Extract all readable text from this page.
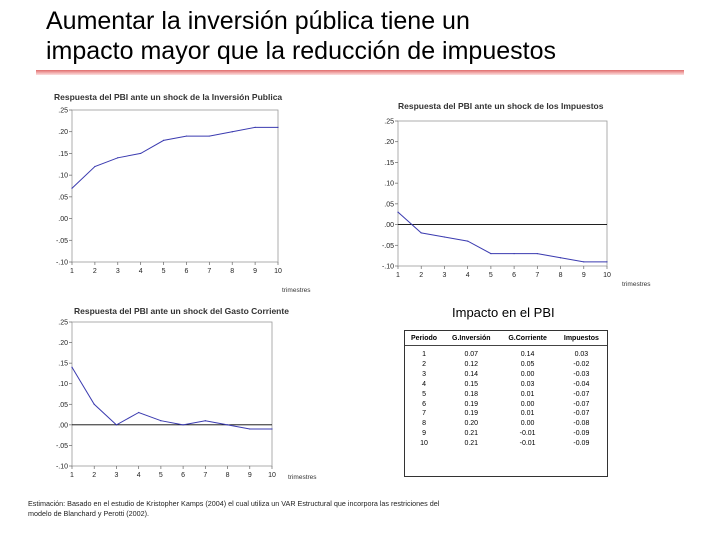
Aumentar la inversión pública tiene un
impacto mayor que la reducción de impuestos
Respuesta del PBI ante un shock de la Inversión Publica
.25
.20
.15
.10
.05
.00
-.05
-.10
1	2	3	4	5	6	7	8	9 10
trimestres
Respuesta del PBI ante un shock de los Impuestos
.25
.20
.15
.10
.05
.00
-.05
-.10
1	2	3	4	5	6	7	8	9 10
trimestres
Respuesta del PBI ante un shock del Gasto Corriente
.25
.20
.15
.10
.05
.00
-.05
-.10
1	2	3	4	5	6	7	8	9 10 trimestres
Impacto en el PBI
Periodo	G.Inversión	G.Corriente	Impuestos
1	0.07	0.14	0.03
2	0.12	0.05	-0.02
3	0.14	0.00	-0.03
4	0.15	0.03	-0.04
5	0.18	0.01	-0.07
6	0.19	0.00	-0.07
7	0.19	0.01	-0.07
8	0.20	0.00	-0.08
9	0.21	-0.01	-0.09
10	0.21	-0.01	-0.09
Estimación: Basado en el estudio de Kristopher Kamps (2004) el cual utiliza un VAR Estructural que incorpora las restriciones del
modelo de Blanchard y Perotti (2002).
